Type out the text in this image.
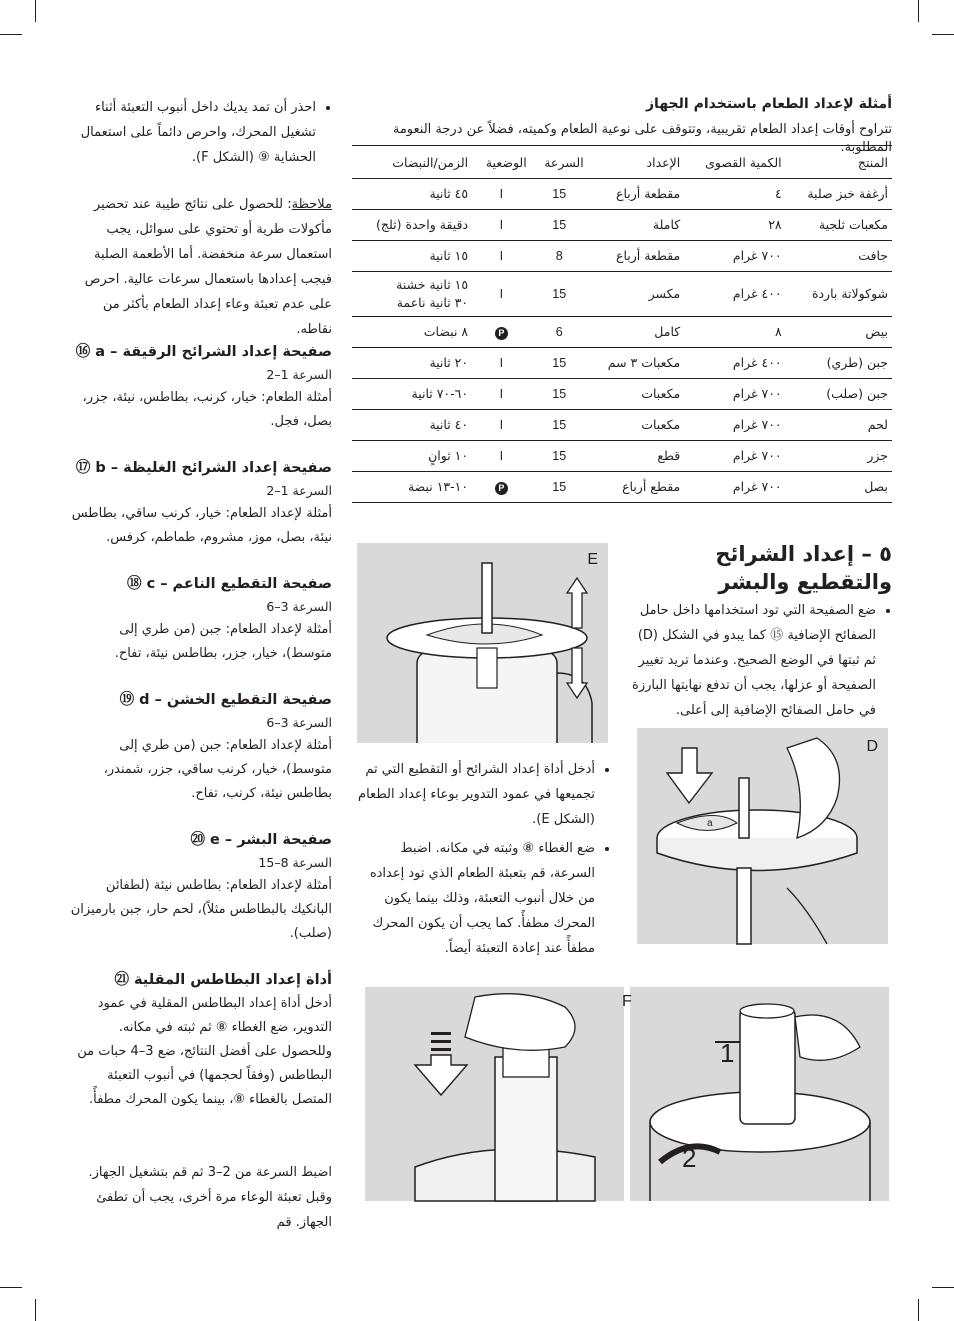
أمثلة لإعداد الطعام باستخدام الجهاز
تتراوح أوقات إعداد الطعام تقريبية، وتتوقف على نوعية الطعام وكميته، فضلاً عن درجة النعومة المطلوبة.
المنتج	الكمية القصوى	الإعداد	السرعة	الوضعية	الزمن/النبضات
أرغفة خبز صلبة	٤	مقطعة أرباع	15	I	٤٥ ثانية
مكعبات ثلجية	٢٨	كاملة	15	I	دقيقة واحدة (ثلج)
جافت	٧٠٠ غرام	مقطعة أرباع	8	I	١٥ ثانية
شوكولاتة باردة	٤٠٠ غرام	مكسر	15	I	١٥ ثانية خشنة
٣٠ ثانية ناعمة
بيض	٨	كامل	6	P	٨ نبضات
جبن (طري)	٤٠٠ غرام	مكعبات ٣ سم	15	I	٢٠ ثانية
جبن (صلب)	٧٠٠ غرام	مكعبات	15	I	٦٠-٧٠ ثانية
لحم	٧٠٠ غرام	مكعبات	15	I	٤٠ ثانية
جزر	٧٠٠ غرام	قطع	15	I	١٠ ثوانٍ
بصل	٧٠٠ غرام	مقطع أرباع	15	P	١٠-١٣ نبضة
٥ – إعداد الشرائح والتقطيع والبشر
• ضع الصفيحة التي تود استخدامها داخل حامل الصفائح الإضافية ⑮ كما يبدو في الشكل (D) ثم ثبتها في الوضع الصحيح. وعندما تريد تغيير الصفيحة أو عزلها، يجب أن تدفع نهايتها البارزة في حامل الصفائح الإضافية إلى أعلى.
E
D
a
• أدخل أداة إعداد الشرائح أو التقطيع التي تم تجميعها في عمود التدوير بوعاء إعداد الطعام (الشكل E).
• ضع الغطاء ⑧ وثبته في مكانه. اضبط السرعة، قم بتعبئة الطعام الذي تود إعداده من خلال أنبوب التعبئة، وذلك بينما يكون المحرك مطفأً. كما يجب أن يكون المحرك مطفأً عند إعادة التعبئة أيضاً.
• احذر أن تمد يديك داخل أنبوب التعبئة أثناء تشغيل المحرك، واحرص دائماً على استعمال الحشاية ⑨ (الشكل F).
ملاحظة: للحصول على نتائج طيبة عند تحضير مأكولات طرية أو تحتوي على سوائل، يجب استعمال سرعة منخفضة. أما الأطعمة الصلبة فيجب إعدادها باستعمال سرعات عالية. احرص على عدم تعبئة وعاء إعداد الطعام بأكثر من نقاطه.
صفيحة إعداد الشرائح الرقيقة – a ⑯
السرعة 1–2
أمثلة الطعام: خيار، كرنب، بطاطس، نيئة، جزر، بصل، فجل.
صفيحة إعداد الشرائح الغليظة – b ⑰
السرعة 1–2
أمثلة لإعداد الطعام: خيار، كرنب ساقي، بطاطس نيئة، بصل، موز، مشروم، طماطم، كرفس.
صفيحة التقطيع الناعم – c ⑱
السرعة 3–6
أمثلة لإعداد الطعام: جبن (من طري إلى متوسط)، خيار، جزر، بطاطس نيئة، تفاح.
صفيحة التقطيع الخشن – d ⑲
السرعة 3–6
أمثلة لإعداد الطعام: جبن (من طري إلى متوسط)، خيار، كرنب ساقي، جزر، شمندر، بطاطس نيئة، كرنب، تفاح.
صفيحة البشر – e ⑳
السرعة 8–15
أمثلة لإعداد الطعام: بطاطس نيئة (لطفائن البانكيك بالبطاطس مثلاً)، لحم حار، جبن بارميزان (صلب).
أداة إعداد البطاطس المقلية ㉑
أدخل أداة إعداد البطاطس المقلية في عمود التدوير، ضع الغطاء ⑧ ثم ثبته في مكانه. وللحصول على أفضل النتائج، ضع 3–4 حبات من البطاطس (وفقاً لحجمها) في أنبوب التعبئة المتصل بالغطاء ⑧، بينما يكون المحرك مطفأً.
اضبط السرعة من 2–3 ثم قم بتشغيل الجهاز. وقبل تعبئة الوعاء مرة أخرى، يجب أن تطفئ الجهاز. قم
F
1
2
